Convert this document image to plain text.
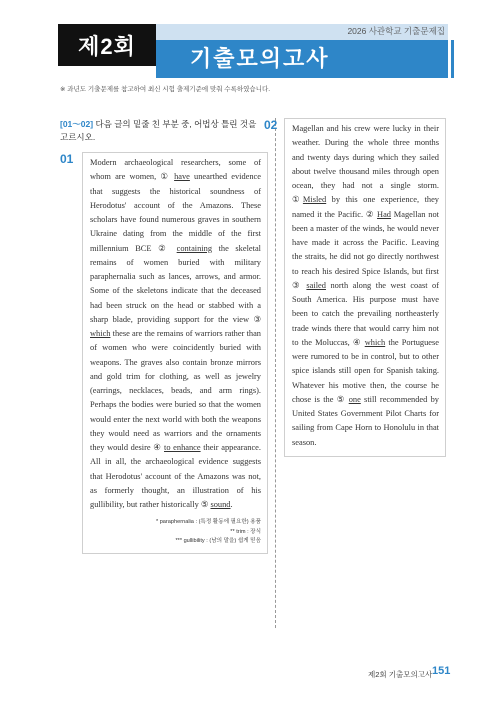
2026 사관학교 기출문제집
제2회	기출모의고사
※ 과년도 기출문제를 참고하여 최신 시험 출제기준에 맞춰 수록하였습니다.
[01～02] 다음 글의 밑줄 친 부분 중, 어법상 틀린 것을 고르시오.
01 Modern archaeological researchers, some of whom are women, ① have unearthed evidence that suggests the historical soundness of Herodotus' account of the Amazons. These scholars have found numerous graves in southern Ukraine dating from the middle of the first millennium BCE ② containing the skeletal remains of women buried with military paraphernalia such as lances, arrows, and armor. Some of the skeletons indicate that the deceased had been struck on the head or stabbed with a sharp blade, providing support for the view ③ which these are the remains of warriors rather than of women who were coincidently buried with weapons. The graves also contain bronze mirrors and gold trim for clothing, as well as jewelry (earrings, necklaces, beads, and arm rings). Perhaps the bodies were buried so that the women would enter the next world with both the weapons they would need as warriors and the ornaments they would desire ④ to enhance their appearance. All in all, the archaeological evidence suggests that Herodotus' account of the Amazons was not, as formerly thought, an illustration of his gullibility, but rather historically ⑤ sound.

* paraphernalia : (특정 활동에 필요한) 용품
** trim : 장식
*** gullibility : (남의 말을) 쉽게 믿음
02 Magellan and his crew were lucky in their weather. During the whole three months and twenty days during which they sailed about twelve thousand miles through open ocean, they had not a single storm. ①Misled by this one experience, they named it the Pacific. ② Had Magellan not been a master of the winds, he would never have made it across the Pacific. Leaving the straits, he did not go directly northwest to reach his desired Spice Islands, but first ③ sailed north along the west coast of South America. His purpose must have been to catch the prevailing northeasterly trade winds there that would carry him not to the Moluccas, ④ which the Portuguese were rumored to be in control, but to other spice islands still open for Spanish taking. Whatever his motive then, the course he chose is the ⑤ one still recommended by United States Government Pilot Charts for sailing from Cape Horn to Honolulu in that season.

제2회 기출모의고사 151
